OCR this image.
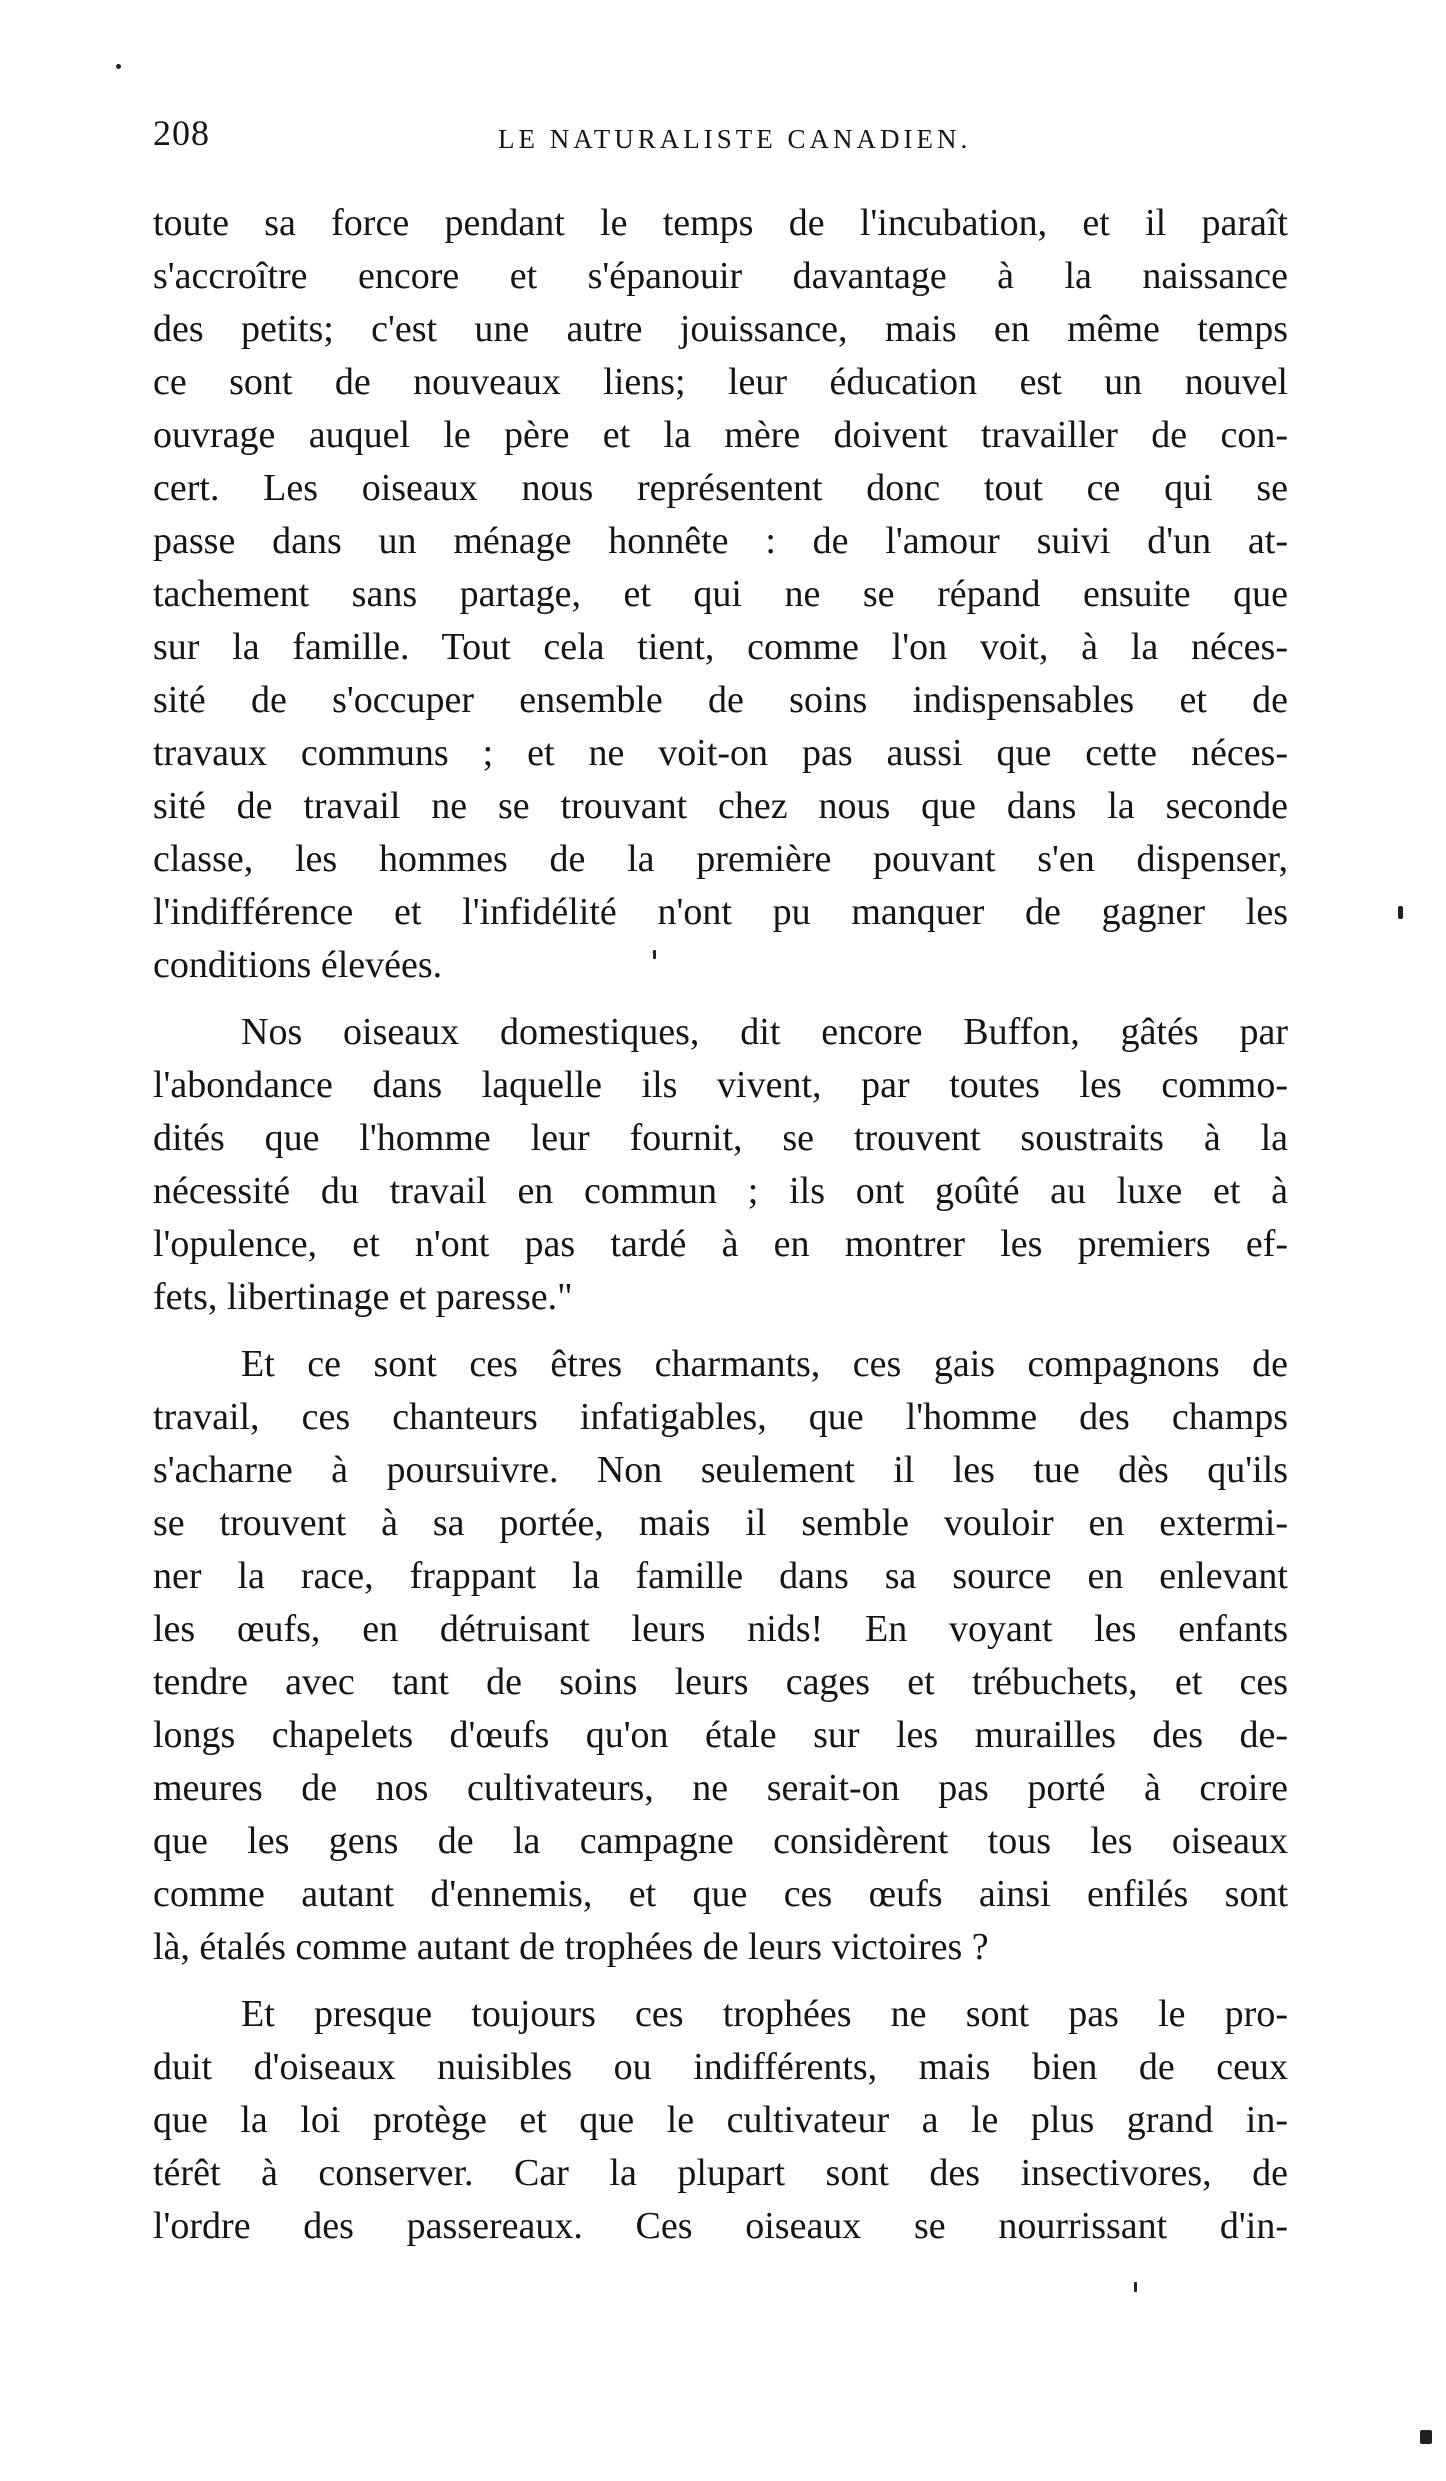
208	LE NATURALISTE CANADIEN.
toute sa force pendant le temps de l'incubation, et il paraît
s'accroître encore et s'épanouir davantage à la naissance
des petits; c'est une autre jouissance, mais en même temps
ce sont de nouveaux liens; leur éducation est un nouvel
ouvrage auquel le père et la mère doivent travailler de con-
cert. Les oiseaux nous représentent donc tout ce qui se
passe dans un ménage honnête : de l'amour suivi d'un at-
tachement sans partage, et qui ne se répand ensuite que
sur la famille. Tout cela tient, comme l'on voit, à la néces-
sité de s'occuper ensemble de soins indispensables et de
travaux communs ; et ne voit-on pas aussi que cette néces-
sité de travail ne se trouvant chez nous que dans la seconde
classe, les hommes de la première pouvant s'en dispenser,
l'indifférence et l'infidélité n'ont pu manquer de gagner les
conditions élevées.
Nos oiseaux domestiques, dit encore Buffon, gâtés par
l'abondance dans laquelle ils vivent, par toutes les commo-
dités que l'homme leur fournit, se trouvent soustraits à la
nécessité du travail en commun ; ils ont goûté au luxe et à
l'opulence, et n'ont pas tardé à en montrer les premiers ef-
fets, libertinage et paresse."
Et ce sont ces êtres charmants, ces gais compagnons de
travail, ces chanteurs infatigables, que l'homme des champs
s'acharne à poursuivre. Non seulement il les tue dès qu'ils
se trouvent à sa portée, mais il semble vouloir en extermi-
ner la race, frappant la famille dans sa source en enlevant
les œufs, en détruisant leurs nids! En voyant les enfants
tendre avec tant de soins leurs cages et trébuchets, et ces
longs chapelets d'œufs qu'on étale sur les murailles des de-
meures de nos cultivateurs, ne serait-on pas porté à croire
que les gens de la campagne considèrent tous les oiseaux
comme autant d'ennemis, et que ces œufs ainsi enfilés sont
là, étalés comme autant de trophées de leurs victoires ?
Et presque toujours ces trophées ne sont pas le pro-
duit d'oiseaux nuisibles ou indifférents, mais bien de ceux
que la loi protège et que le cultivateur a le plus grand in-
térêt à conserver. Car la plupart sont des insectivores, de
l'ordre des passereaux. Ces oiseaux se nourrissant d'in-
